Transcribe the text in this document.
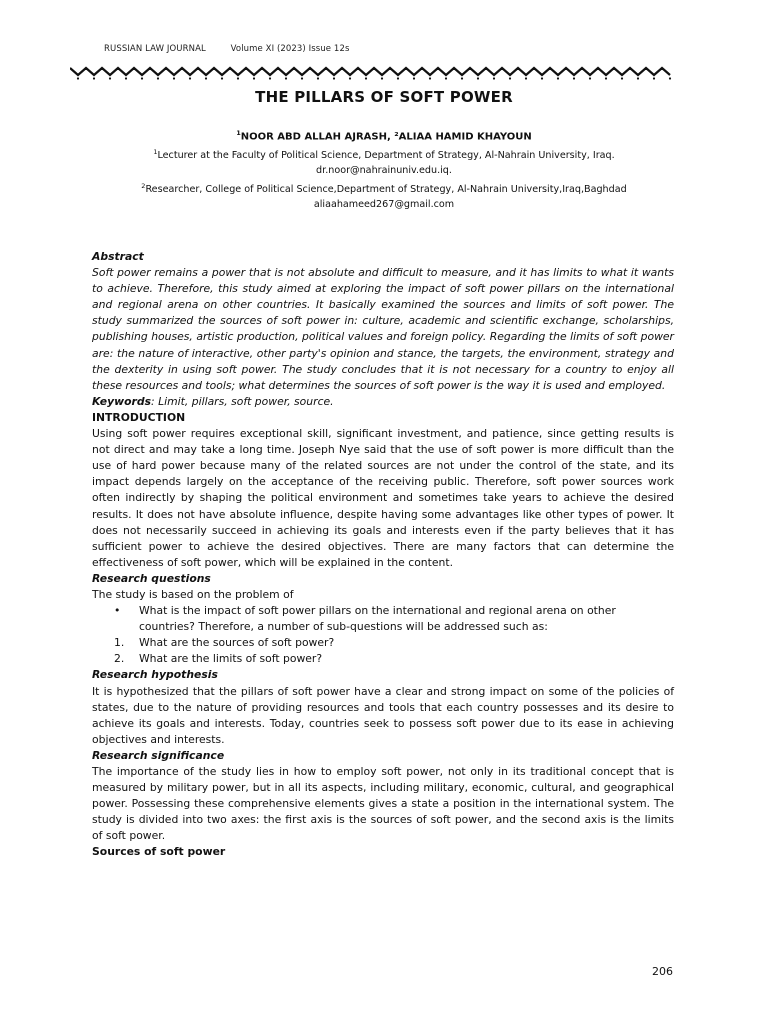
RUSSIAN LAW JOURNAL	Volume XI (2023) Issue 12s
THE PILLARS OF SOFT POWER
$^1$NOOR ABD ALLAH AJRASH, ²ALIAA HAMID KHAYOUN
$^1$Lecturer at the Faculty of Political Science, Department of Strategy, Al-Nahrain University, Iraq.
dr.noor@nahrainuniv.edu.iq.
$^2$Researcher, College of Political Science,Department of Strategy, Al-Nahrain University,Iraq,Baghdad
aliaahameed267@gmail.com

Abstract

Soft power remains a power that is not absolute and difficult to measure, and it has limits to what it wants to achieve. Therefore, this study aimed at exploring the impact of soft power pillars on the international and regional arena on other countries. It basically examined the sources and limits of soft power. The study summarized the sources of soft power in: culture, academic and scientific exchange, scholarships, publishing houses, artistic production, political values and foreign policy. Regarding the limits of soft power are: the nature of interactive, other party's opinion and stance, the targets, the environment, strategy and the dexterity in using soft power. The study concludes that it is not necessary for a country to enjoy all these resources and tools; what determines the sources of soft power is the way it is used and employed.

Keywords: Limit, pillars, soft power, source.

INTRODUCTION

Using soft power requires exceptional skill, significant investment, and patience, since getting results is not direct and may take a long time. Joseph Nye said that the use of soft power is more difficult than the use of hard power because many of the related sources are not under the control of the state, and its impact depends largely on the acceptance of the receiving public. Therefore, soft power sources work often indirectly by shaping the political environment and sometimes take years to achieve the desired results. It does not have absolute influence, despite having some advantages like other types of power. It does not necessarily succeed in achieving its goals and interests even if the party believes that it has sufficient power to achieve the desired objectives. There are many factors that can determine the effectiveness of soft power, which will be explained in the content.

Research questions

The study is based on the problem of

• What is the impact of soft power pillars on the international and regional arena on other countries? Therefore, a number of sub-questions will be addressed such as:
1. What are the sources of soft power?
2. What are the limits of soft power?

Research hypothesis

It is hypothesized that the pillars of soft power have a clear and strong impact on some of the policies of states, due to the nature of providing resources and tools that each country possesses and its desire to achieve its goals and interests. Today, countries seek to possess soft power due to its ease in achieving objectives and interests.

Research significance

The importance of the study lies in how to employ soft power, not only in its traditional concept that is measured by military power, but in all its aspects, including military, economic, cultural, and geographical power. Possessing these comprehensive elements gives a state a position in the international system. The study is divided into two axes: the first axis is the sources of soft power, and the second axis is the limits of soft power.

Sources of soft power

206
